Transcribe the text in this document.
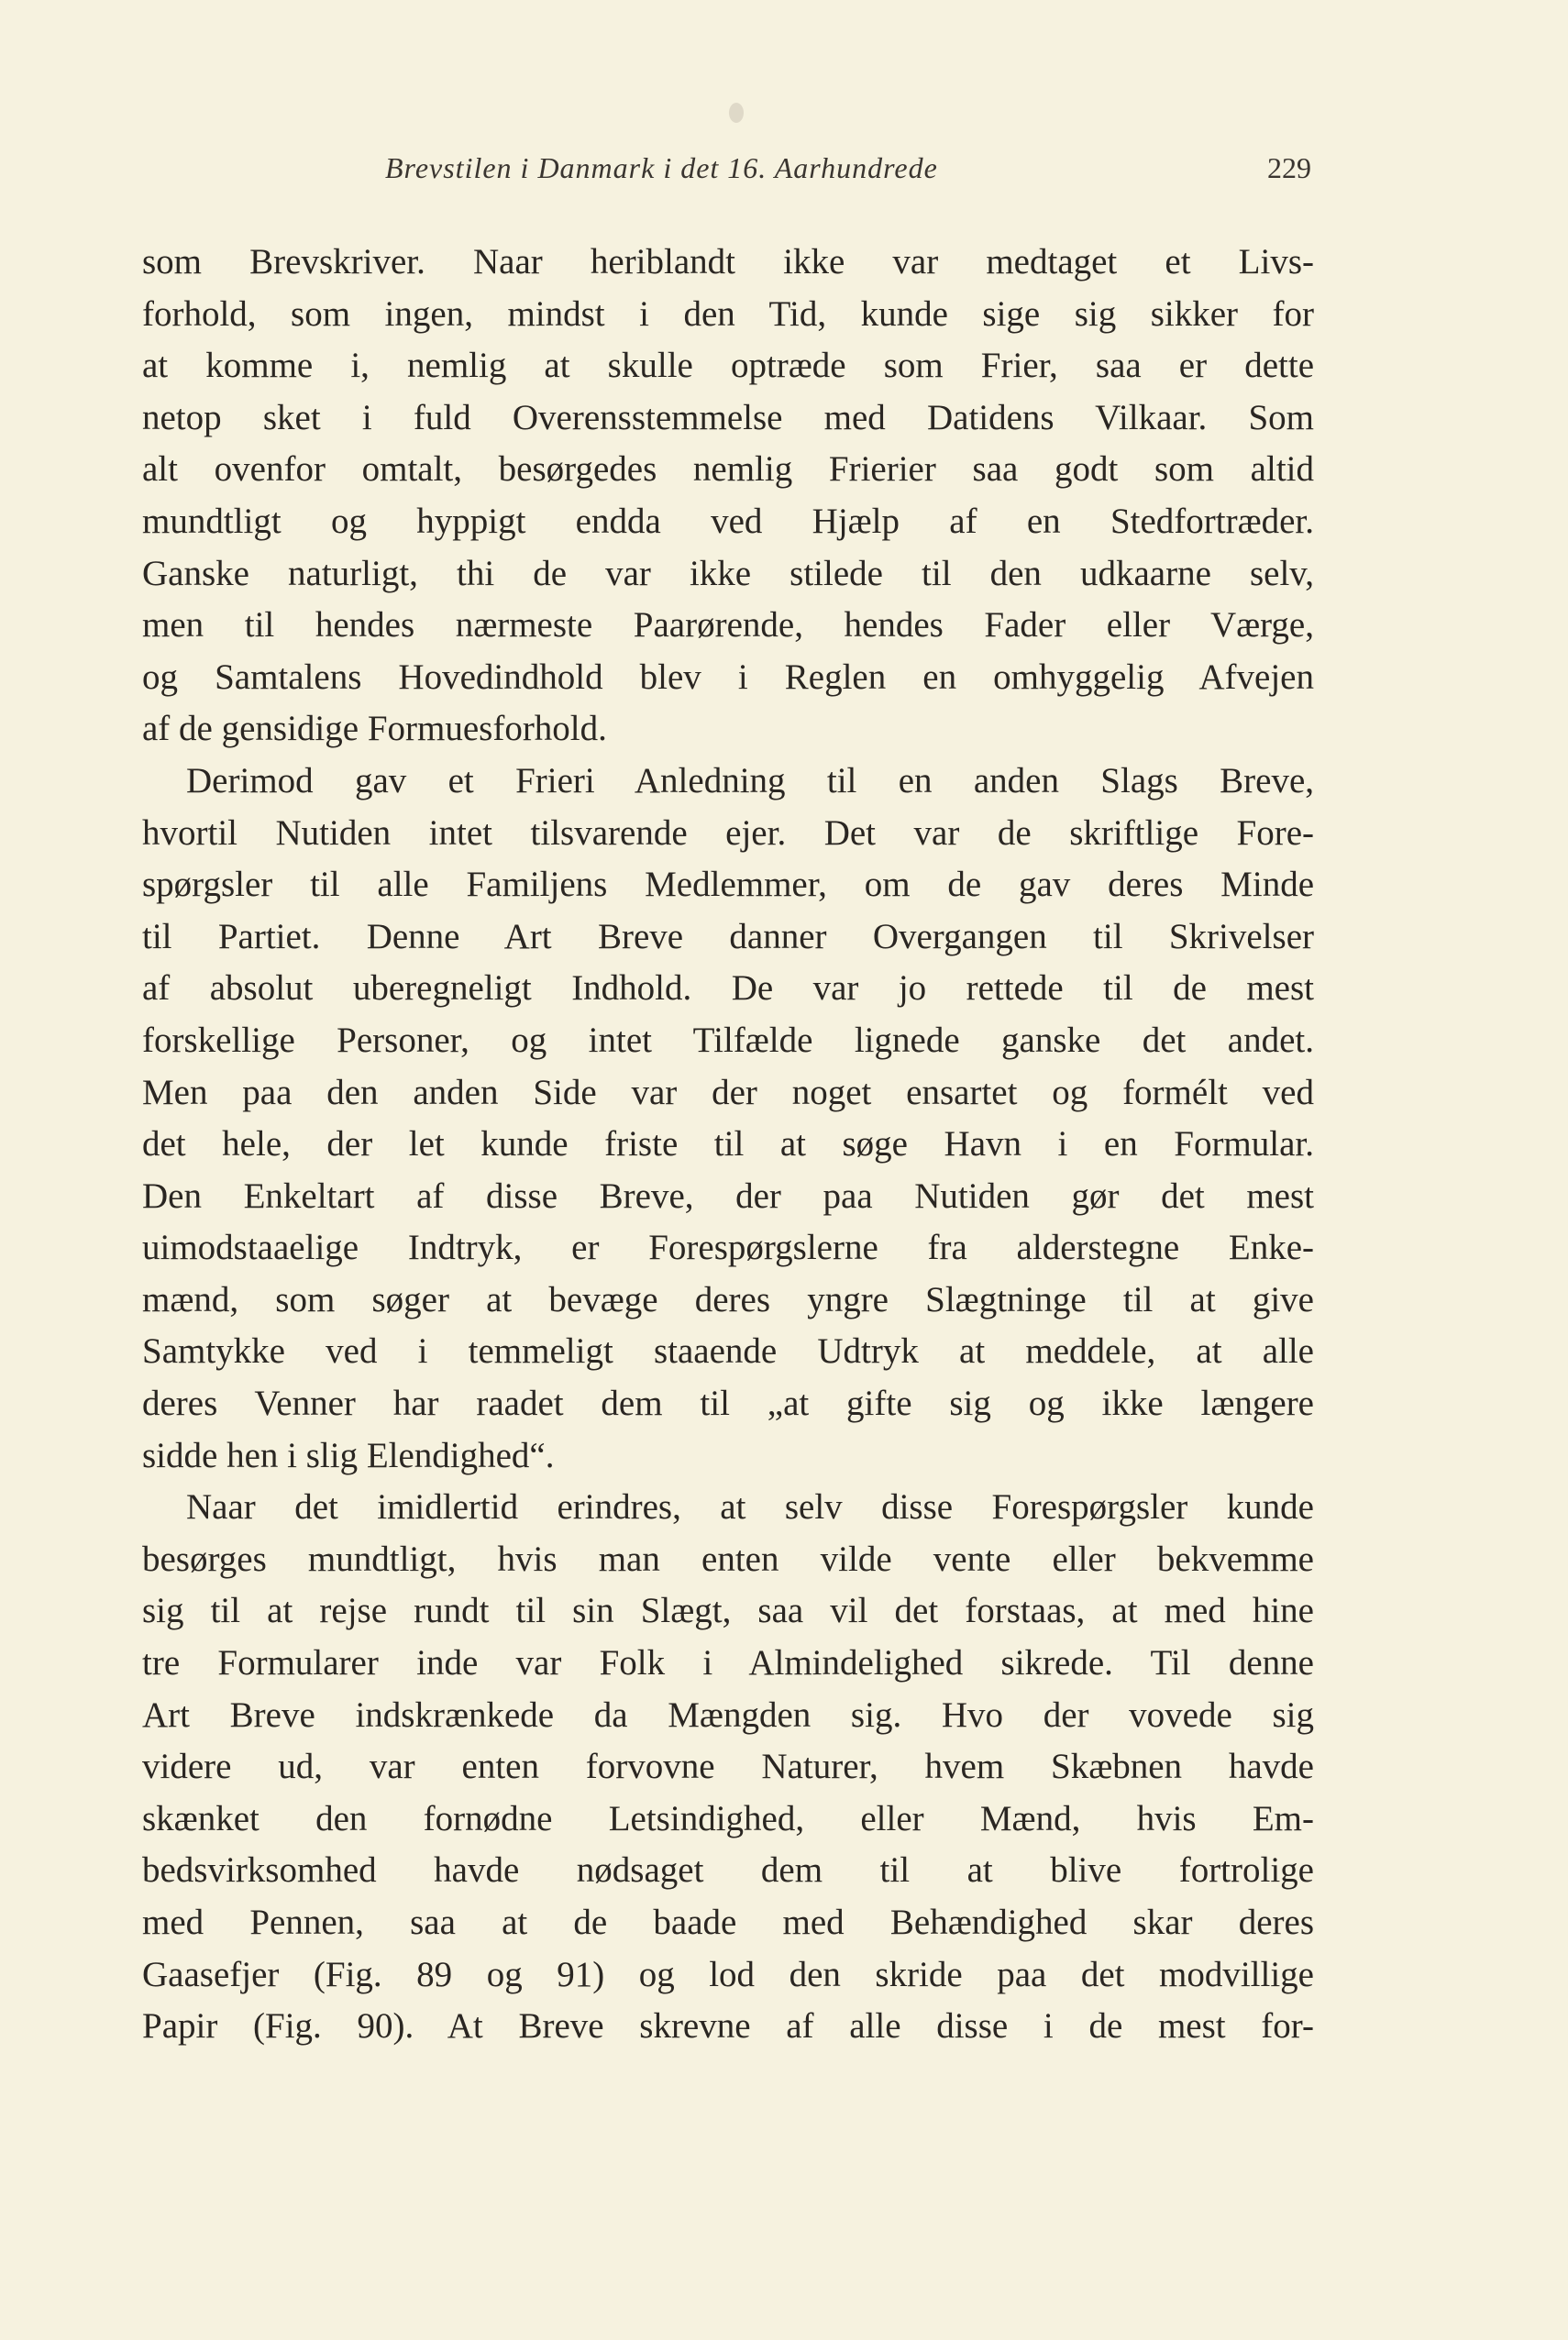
Brevstilen i Danmark i det 16. Aarhundrede	229
som Brevskriver. Naar heriblandt ikke var medtaget et Livs-
forhold, som ingen, mindst i den Tid, kunde sige sig sikker for
at komme i, nemlig at skulle optræde som Frier, saa er dette
netop sket i fuld Overensstemmelse med Datidens Vilkaar. Som
alt ovenfor omtalt, besørgedes nemlig Frierier saa godt som altid
mundtligt og hyppigt endda ved Hjælp af en Stedfortræder.
Ganske naturligt, thi de var ikke stilede til den udkaarne selv,
men til hendes nærmeste Paarørende, hendes Fader eller Værge,
og Samtalens Hovedindhold blev i Reglen en omhyggelig Afvejen
af de gensidige Formuesforhold.
Derimod gav et Frieri Anledning til en anden Slags Breve,
hvortil Nutiden intet tilsvarende ejer. Det var de skriftlige Fore-
spørgsler til alle Familjens Medlemmer, om de gav deres Minde
til Partiet. Denne Art Breve danner Overgangen til Skrivelser
af absolut uberegneligt Indhold. De var jo rettede til de mest
forskellige Personer, og intet Tilfælde lignede ganske det andet.
Men paa den anden Side var der noget ensartet og formélt ved
det hele, der let kunde friste til at søge Havn i en Formular.
Den Enkeltart af disse Breve, der paa Nutiden gør det mest
uimodstaaelige Indtryk, er Forespørgslerne fra alderstegne Enke-
mænd, som søger at bevæge deres yngre Slægtninge til at give
Samtykke ved i temmeligt staaende Udtryk at meddele, at alle
deres Venner har raadet dem til „at gifte sig og ikke længere
sidde hen i slig Elendighed“.
Naar det imidlertid erindres, at selv disse Forespørgsler kunde
besørges mundtligt, hvis man enten vilde vente eller bekvemme
sig til at rejse rundt til sin Slægt, saa vil det forstaas, at med hine
tre Formularer inde var Folk i Almindelighed sikrede. Til denne
Art Breve indskrænkede da Mængden sig. Hvo der vovede sig
videre ud, var enten forvovne Naturer, hvem Skæbnen havde
skænket den fornødne Letsindighed, eller Mænd, hvis Em-
bedsvirksomhed havde nødsaget dem til at blive fortrolige
med Pennen, saa at de baade med Behændighed skar deres
Gaasefjer (Fig. 89 og 91) og lod den skride paa det modvillige
Papir (Fig. 90). At Breve skrevne af alle disse i de mest for-
